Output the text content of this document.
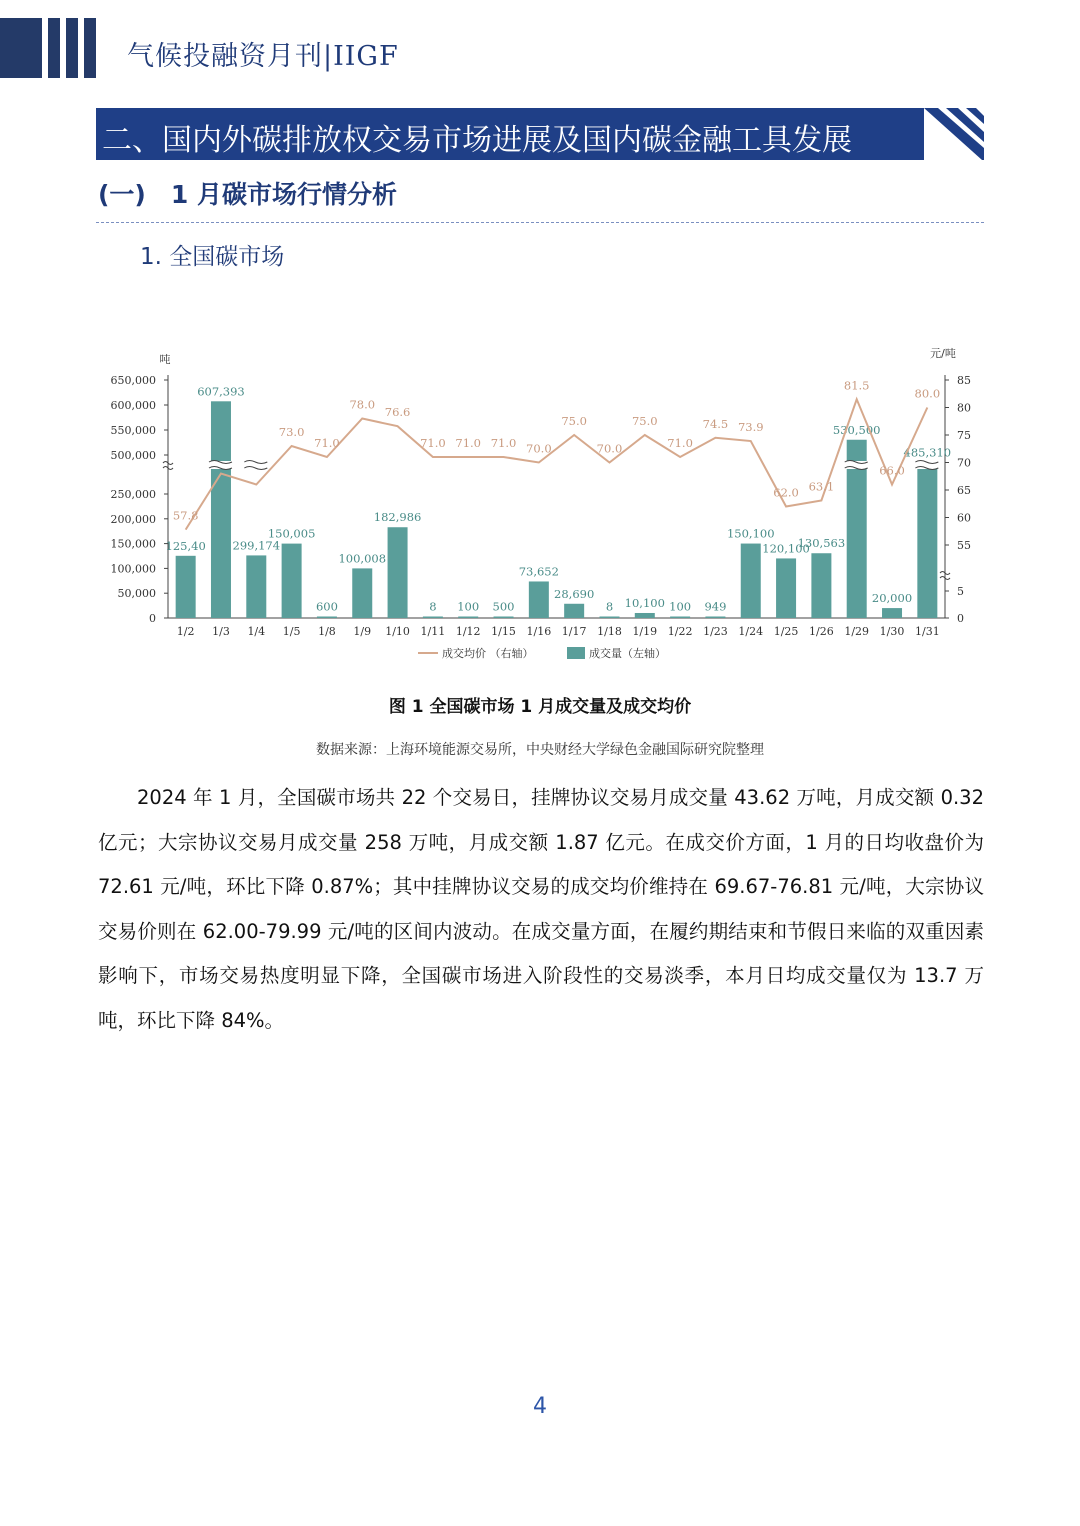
气候投融资月刊|IIGF
二、国内外碳排放权交易市场进展及国内碳金融工具发展
(一)　1 月碳市场行情分析
1. 全国碳市场
0
50,000
100,000
150,000
200,000
250,000
500,000
550,000
600,000
650,000
0
5
55
60
65
70
75
80
85
吨	元/吨
125,40
607,393
299,174
150,005
600
100,008
182,986
8 100 500
73,652
28,690
8 10,100 100 949
150,100
120,100
130,563
530,500
20,000
485,310
57.8
73.0
71.0
78.0
76.6
71.0 71.0 71.0 70.0
75.0
70.0
75.0
71.0
74.5 73.9
62.0 63.1
81.5
66.0
80.0
1/2 1/3 1/4 1/5 1/8 1/9 1/10 1/11 1/12 1/15 1/16 1/17 1/18 1/19 1/22 1/23 1/24 1/25 1/26 1/29 1/30 1/31
成交均价 （右轴）	成交量（左轴）
图 1 全国碳市场 1 月成交量及成交均价
数据来源：上海环境能源交易所，中央财经大学绿色金融国际研究院整理
2024 年 1 月，全国碳市场共 22 个交易日，挂牌协议交易月成交量 43.62 万吨，月成交额 0.32 亿元；大宗协议交易月成交量 258 万吨，月成交额 1.87 亿元。在成交价方面，1 月的日均收盘价为 72.61 元/吨，环比下降 0.87%；其中挂牌协议交易的成交均价维持在 69.67-76.81 元/吨，大宗协议交易价则在 62.00-79.99 元/吨的区间内波动。在成交量方面，在履约期结束和节假日来临的双重因素影响下，市场交易热度明显下降，全国碳市场进入阶段性的交易淡季，本月日均成交量仅为 13.7 万吨，环比下降 84%。
4
